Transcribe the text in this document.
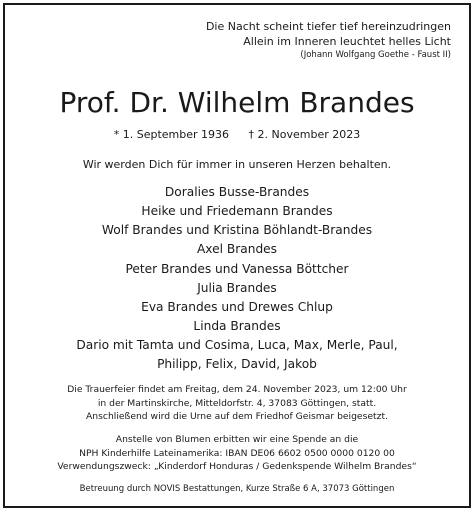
Die Nacht scheint tiefer tief hereinzudringen
Allein im Inneren leuchtet helles Licht
(Johann Wolfgang Goethe - Faust II)
Prof. Dr. Wilhelm Brandes
* 1. September 1936 † 2. November 2023
Wir werden Dich für immer in unseren Herzen behalten.
Doralies Busse-Brandes
Heike und Friedemann Brandes
Wolf Brandes und Kristina Böhlandt-Brandes
Axel Brandes
Peter Brandes und Vanessa Böttcher
Julia Brandes
Eva Brandes und Drewes Chlup
Linda Brandes
Dario mit Tamta und Cosima, Luca, Max, Merle, Paul,
Philipp, Felix, David, Jakob
Die Trauerfeier findet am Freitag, dem 24. November 2023, um 12:00 Uhr
in der Martinskirche, Mitteldorfstr. 4, 37083 Göttingen, statt.
Anschließend wird die Urne auf dem Friedhof Geismar beigesetzt.
Anstelle von Blumen erbitten wir eine Spende an die
NPH Kinderhilfe Lateinamerika: IBAN DE06 6602 0500 0000 0120 00
Verwendungszweck: „Kinderdorf Honduras / Gedenkspende Wilhelm Brandes“
Betreuung durch NOVIS Bestattungen, Kurze Straße 6 A, 37073 Göttingen
